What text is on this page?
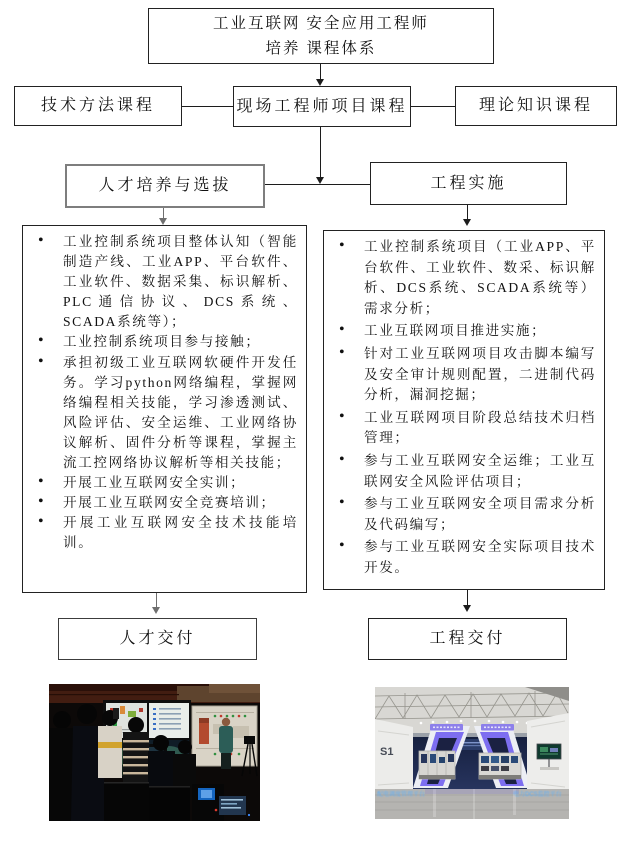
工业互联网 安全应用工程师
培养 课程体系
技术方法课程	现场工程师项目课程	理论知识课程
人才培养与选拔	工程实施
• 工业控制系统项目整体认知（智能制造产线、工业APP、平台软件、工业软件、数据采集、标识解析、PLC通信协议、DCS系统、SCADA系统等）；
• 工业控制系统项目参与接触；
• 承担初级工业互联网软硬件开发任务。学习python网络编程，掌握网络编程相关技能，学习渗透测试、风险评估、安全运维、工业网络协议解析、固件分析等课程，掌握主流工控网络协议解析等相关技能；
• 开展工业互联网安全实训；
• 开展工业互联网安全竞赛培训；
• 开展工业互联网安全技术技能培训。
• 工业控制系统项目（工业APP、平台软件、工业软件、数采、标识解析、DCS系统、SCADA系统等）需求分析；
• 工业互联网项目推进实施；
• 针对工业互联网项目攻击脚本编写及安全审计规则配置，二进制代码分析，漏洞挖掘；
• 工业互联网项目阶段总结技术归档管理；
• 参与工业互联网安全运维；工业互联网安全风险评估项目；
• 参与工业互联网安全项目需求分析及代码编写；
• 参与工业互联网安全实际项目技术开发。
人才交付	工程交付
S1
配电调度管理平台	电力DCS监控平台
